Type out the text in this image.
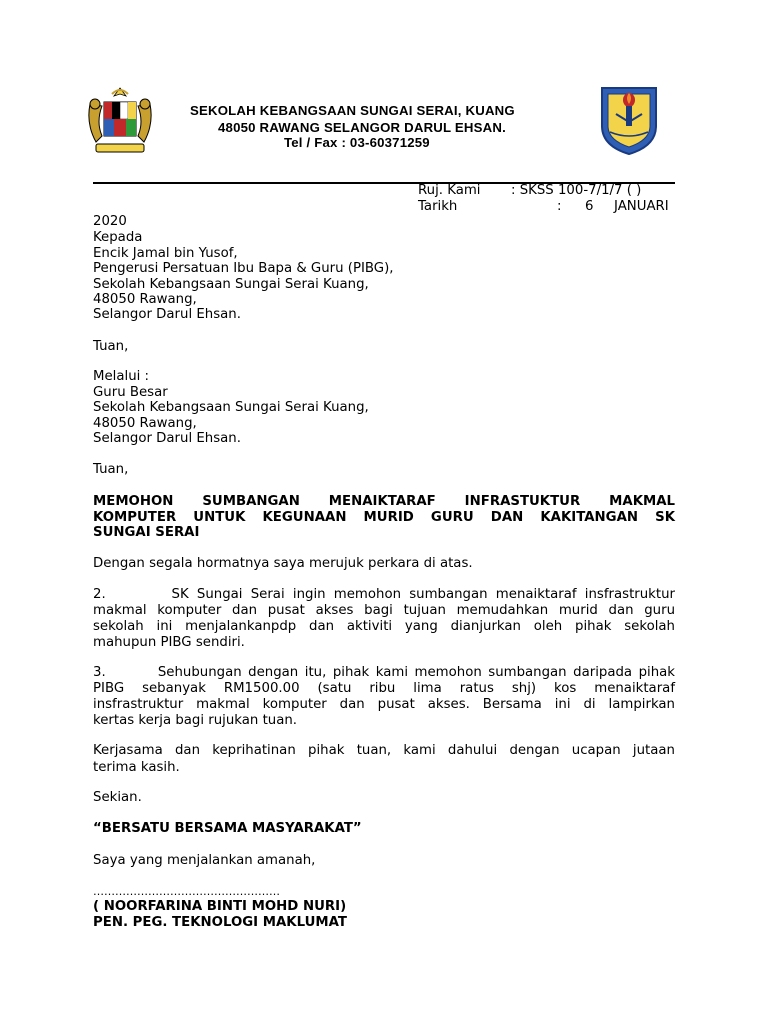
SEKOLAH KEBANGSAAN SUNGAI SERAI, KUANG
48050 RAWANG SELANGOR DARUL EHSAN.
Tel / Fax : 03-60371259
Ruj. Kami : SKSS 100-7/1/7 ( )
Tarikh	: 6 JANUARI
2020
Kepada
Encik Jamal bin Yusof,
Pengerusi Persatuan Ibu Bapa & Guru (PIBG),
Sekolah Kebangsaan Sungai Serai Kuang,
48050 Rawang,
Selangor Darul Ehsan.
Tuan,
Melalui :
Guru Besar
Sekolah Kebangsaan Sungai Serai Kuang,
48050 Rawang,
Selangor Darul Ehsan.
Tuan,
MEMOHON SUMBANGAN MENAIKTARAF INFRASTUKTUR MAKMAL
KOMPUTER UNTUK KEGUNAAN MURID GURU DAN KAKITANGAN SK
SUNGAI SERAI
Dengan segala hormatnya saya merujuk perkara di atas.
2.        SK Sungai Serai ingin memohon sumbangan menaiktaraf insfrastruktur
makmal komputer dan pusat akses bagi tujuan memudahkan murid dan guru
sekolah ini menjalankanpdp dan aktiviti yang dianjurkan oleh pihak sekolah
mahupun PIBG sendiri.
3.        Sehubungan dengan itu, pihak kami memohon sumbangan daripada pihak
PIBG sebanyak RM1500.00 (satu ribu lima ratus shj) kos menaiktaraf
insfrastruktur makmal komputer dan pusat akses. Bersama ini di lampirkan
kertas kerja bagi rujukan tuan.
Kerjasama dan keprihatinan pihak tuan, kami dahului dengan ucapan jutaan
terima kasih.
Sekian.
“BERSATU BERSAMA MASYARAKAT”
Saya yang menjalankan amanah,
……………………………………………
( NOORFARINA BINTI MOHD NURI)
PEN. PEG. TEKNOLOGI MAKLUMAT
